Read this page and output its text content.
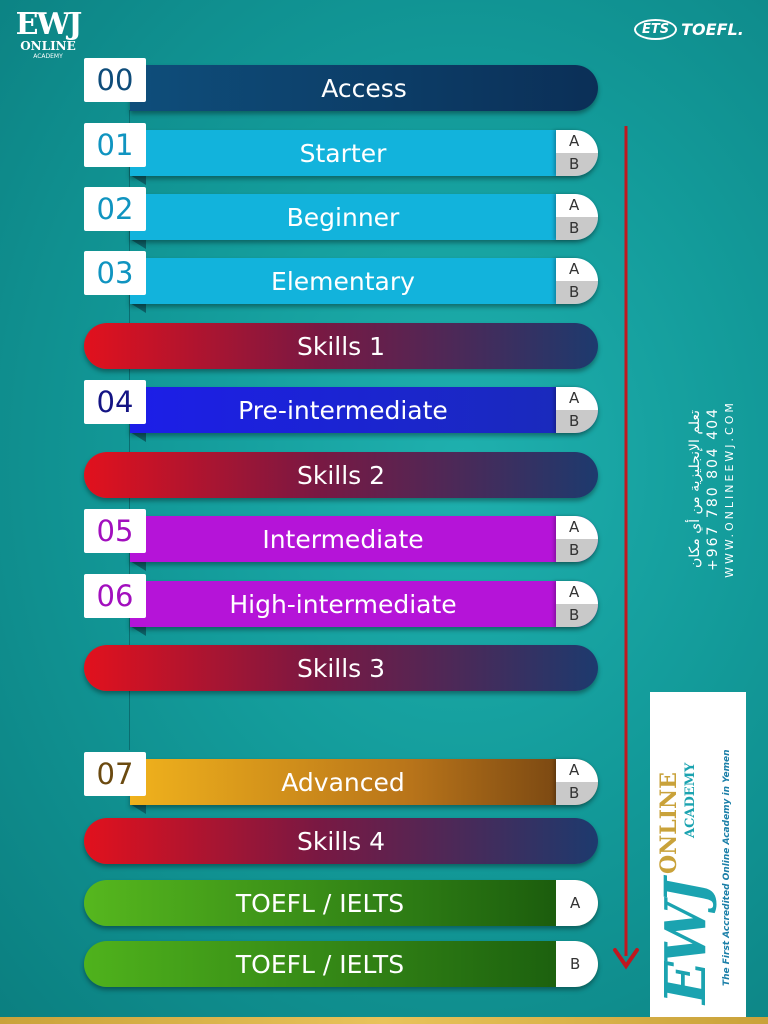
EWJ
ONLINE
ACADEMY
ETS TOEFL.
00	Access
01	Starter	A
B
02	Beginner	A
B
03	Elementary	A
B
Skills 1
04	Pre-intermediate	A
B
Skills 2
05	Intermediate	A
B
06	High-intermediate	A
B
Skills 3
07	Advanced	A
B
Skills 4
TOEFL / IELTS	A
TOEFL / IELTS	B
تعلم الإنجليزية من أي مكان +967 780 804 404 WWW.ONLINEEWJ.COM
EWJ
ONLINE ACADEMY	The First Accredited Online Academy in Yemen
